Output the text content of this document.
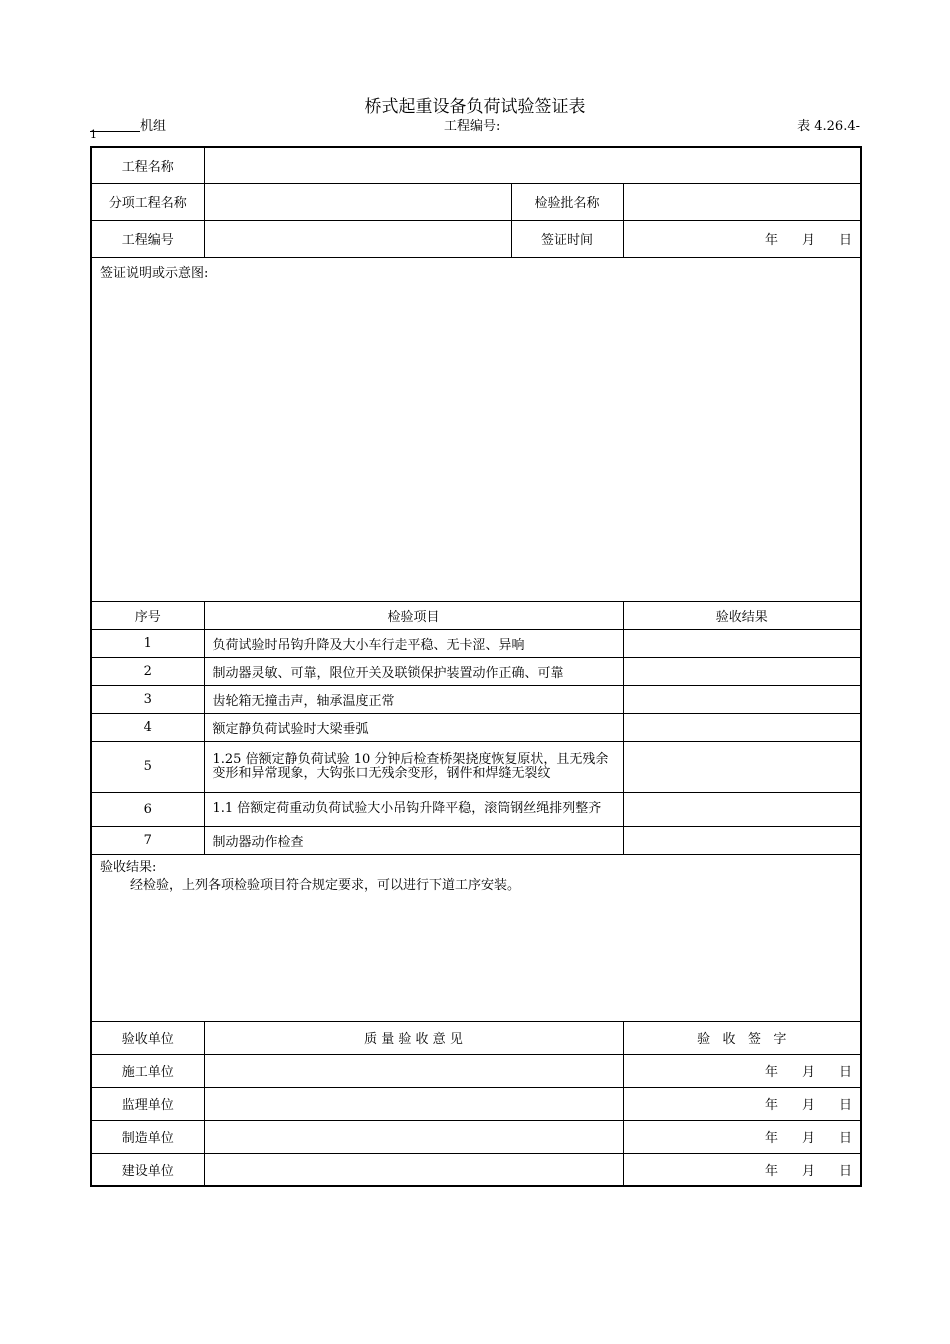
桥式起重设备负荷试验签证表
机组	工程编号:	表 4.26.4-
1
工程名称			
分项工程名称		检验批名称	
工程编号		签证时间	年 月 日
签证说明或示意图:			
序号	检验项目		验收结果
1	负荷试验时吊钩升降及大小车行走平稳、无卡涩、异响		
2	制动器灵敏、可靠，限位开关及联锁保护装置动作正确、可靠		
3	齿轮箱无撞击声，轴承温度正常		
4	额定静负荷试验时大梁垂弧		
5	1.25 倍额定静负荷试验 10 分钟后检查桥架挠度恢复原状，且无残余变形和异常现象，大钩张口无残余变形，钢件和焊缝无裂纹		
6	1.1 倍额定荷重动负荷试验大小吊钩升降平稳，滚筒钢丝绳排列整齐		
7	制动器动作检查		
验收结果:
经检验，上列各项检验项目符合规定要求，可以进行下道工序安装。			

验收单位	质 量 验 收 意 见		验   收   签   字
施工单位			年 月 日
监理单位			年 月 日
制造单位			年 月 日
建设单位			年 月 日
